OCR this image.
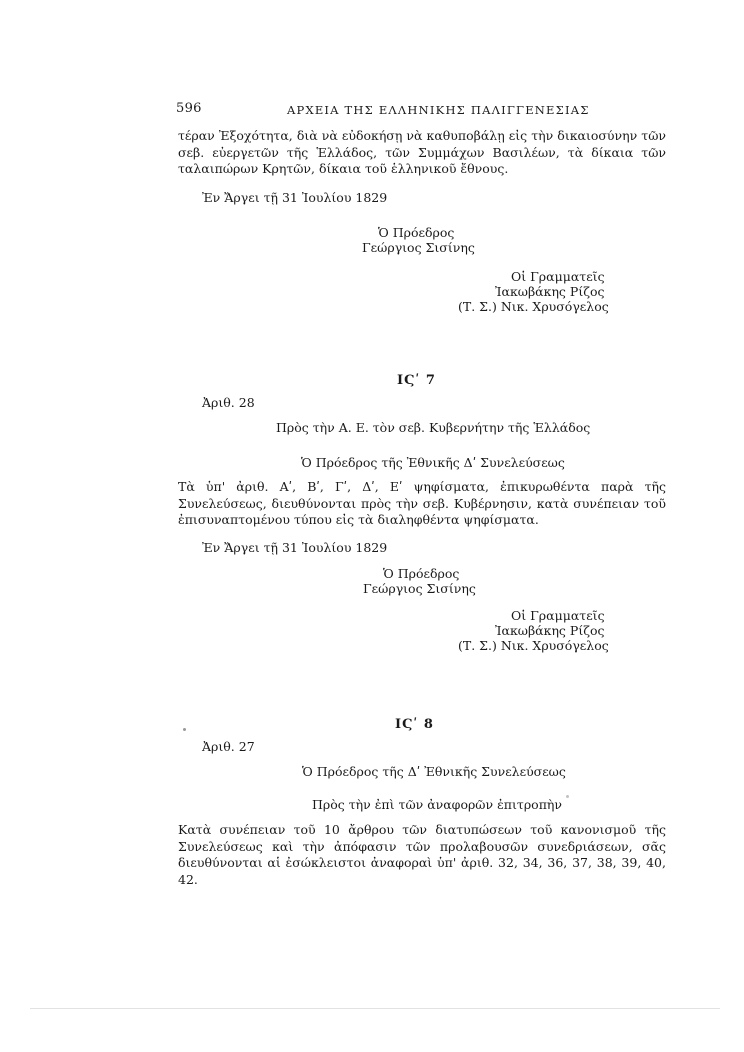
596	ΑΡΧΕΙΑ ΤΗΣ ΕΛΛΗΝΙΚΗΣ ΠΑΛΙΓΓΕΝΕΣΙΑΣ
τέραν Ἐξοχότητα, διὰ νὰ εὐδοκήσῃ νὰ καθυποβάλῃ εἰς τὴν δικαιοσύνην τῶν σεβ. εὐεργετῶν τῆς Ἑλλάδος, τῶν Συμμάχων Βασιλέων, τὰ δίκαια τῶν ταλαιπώρων Κρητῶν, δίκαια τοῦ ἑλληνικοῦ ἔθνους.
Ἐν Ἄργει τῇ 31 Ἰουλίου 1829
Ὁ Πρόεδρος
Γεώργιος Σισίνης
Οἱ Γραμματεῖς
Ἰακωβάκης Ρίζος
(Τ. Σ.) Νικ. Χρυσόγελος
ΙϚʹ 7
Ἀριθ. 28
Πρὸς τὴν Α. Ε. τὸν σεβ. Κυβερνήτην τῆς Ἑλλάδος
Ὁ Πρόεδρος τῆς Ἐθνικῆς Δʹ Συνελεύσεως
Τὰ ὑπ' ἀριθ. Αʹ, Βʹ, Γʹ, Δʹ, Εʹ ψηφίσματα, ἐπικυρωθέντα παρὰ τῆς Συνελεύσεως, διευθύνονται πρὸς τὴν σεβ. Κυβέρνησιν, κατὰ συνέπειαν τοῦ ἐπισυναπτομένου τύπου εἰς τὰ διαληφθέντα ψηφίσματα.
Ἐν Ἄργει τῇ 31 Ἰουλίου 1829
Ὁ Πρόεδρος
Γεώργιος Σισίνης
Οἱ Γραμματεῖς
Ἰακωβάκης Ρίζος
(Τ. Σ.) Νικ. Χρυσόγελος
ΙϚʹ 8
Ἀριθ. 27
Ὁ Πρόεδρος τῆς Δʹ Ἐθνικῆς Συνελεύσεως
Πρὸς τὴν ἐπὶ τῶν ἀναφορῶν ἐπιτροπὴν
Κατὰ συνέπειαν τοῦ 10 ἄρθρου τῶν διατυπώσεων τοῦ κανονισμοῦ τῆς Συνελεύσεως καὶ τὴν ἀπόφασιν τῶν προλαβουσῶν συνεδριάσεων, σᾶς διευθύνονται αἱ ἐσώκλειστοι ἀναφοραὶ ὑπ' ἀριθ. 32, 34, 36, 37, 38, 39, 40, 42.
